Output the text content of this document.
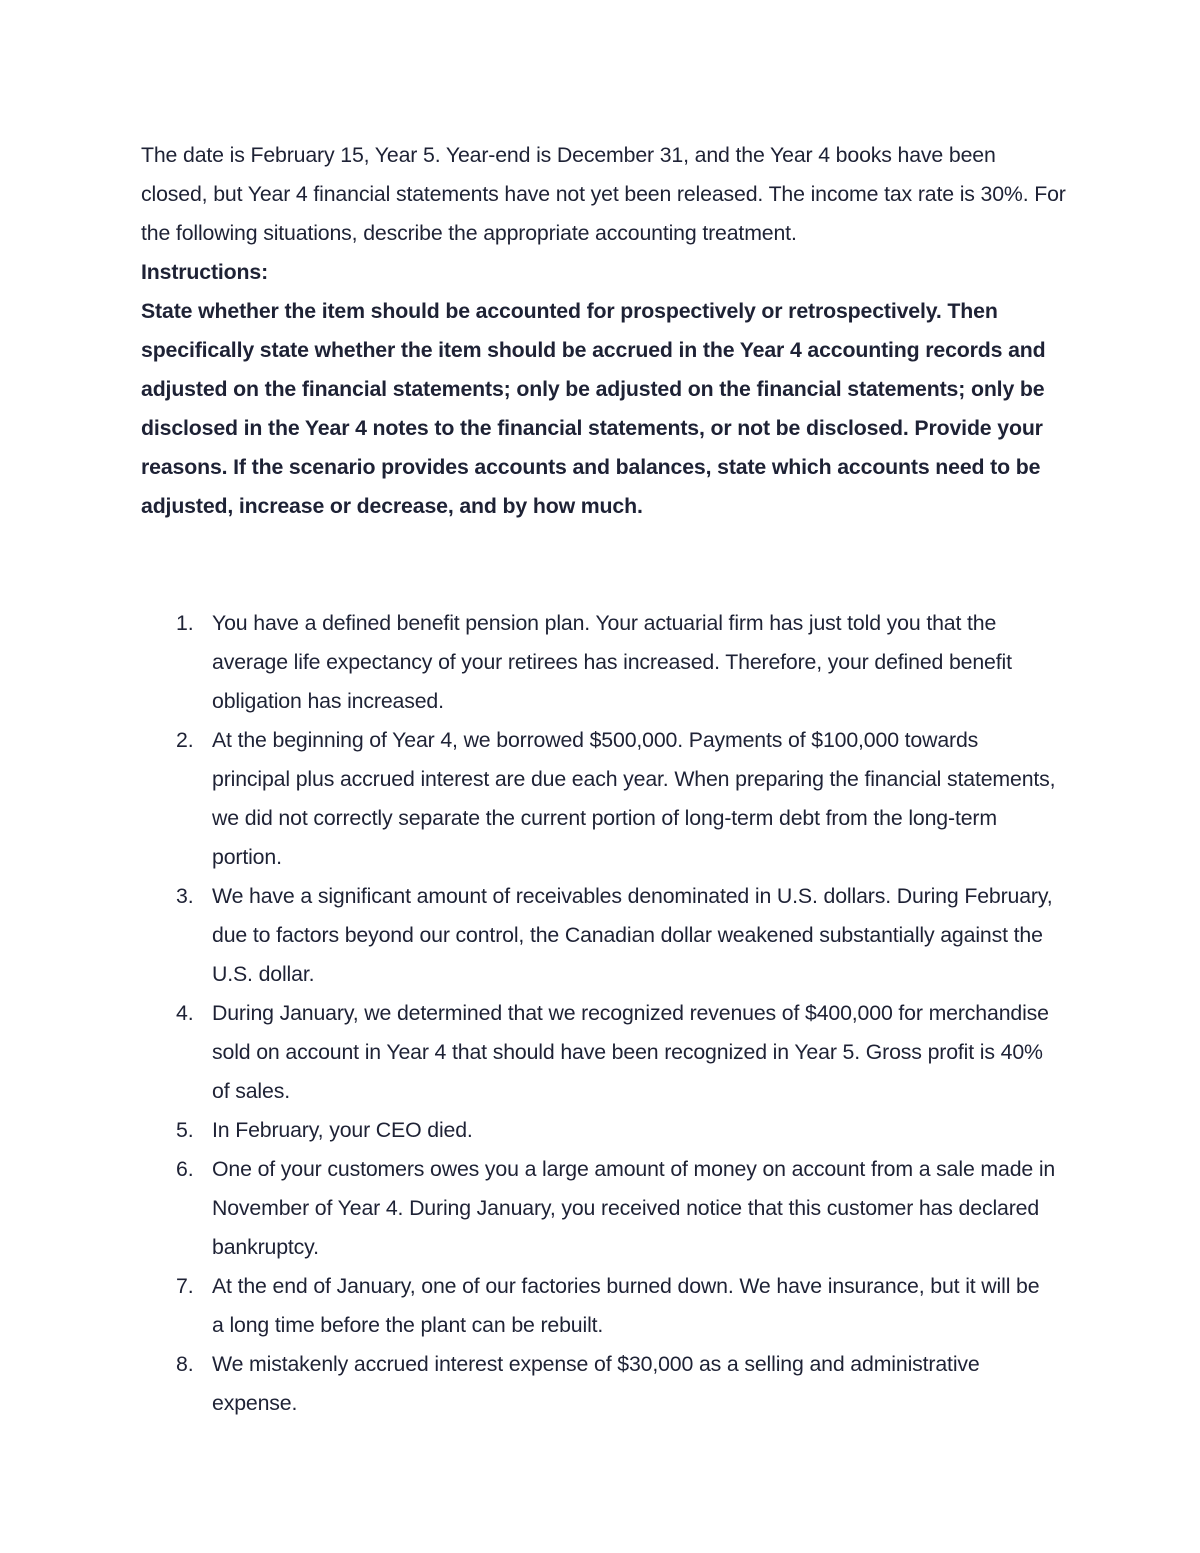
The date is February 15, Year 5. Year-end is December 31, and the Year 4 books have been closed, but Year 4 financial statements have not yet been released. The income tax rate is 30%. For the following situations, describe the appropriate accounting treatment.

Instructions:

State whether the item should be accounted for prospectively or retrospectively. Then specifically state whether the item should be accrued in the Year 4 accounting records and adjusted on the financial statements; only be adjusted on the financial statements; only be disclosed in the Year 4 notes to the financial statements, or not be disclosed. Provide your reasons. If the scenario provides accounts and balances, state which accounts need to be adjusted, increase or decrease, and by how much.

1. You have a defined benefit pension plan. Your actuarial firm has just told you that the average life expectancy of your retirees has increased. Therefore, your defined benefit obligation has increased.
2. At the beginning of Year 4, we borrowed $500,000. Payments of $100,000 towards principal plus accrued interest are due each year. When preparing the financial statements, we did not correctly separate the current portion of long-term debt from the long-term portion.
3. We have a significant amount of receivables denominated in U.S. dollars. During February, due to factors beyond our control, the Canadian dollar weakened substantially against the U.S. dollar.
4. During January, we determined that we recognized revenues of $400,000 for merchandise sold on account in Year 4 that should have been recognized in Year 5. Gross profit is 40% of sales.
5. In February, your CEO died.
6. One of your customers owes you a large amount of money on account from a sale made in November of Year 4. During January, you received notice that this customer has declared bankruptcy.
7. At the end of January, one of our factories burned down. We have insurance, but it will be a long time before the plant can be rebuilt.
8. We mistakenly accrued interest expense of $30,000 as a selling and administrative expense.
